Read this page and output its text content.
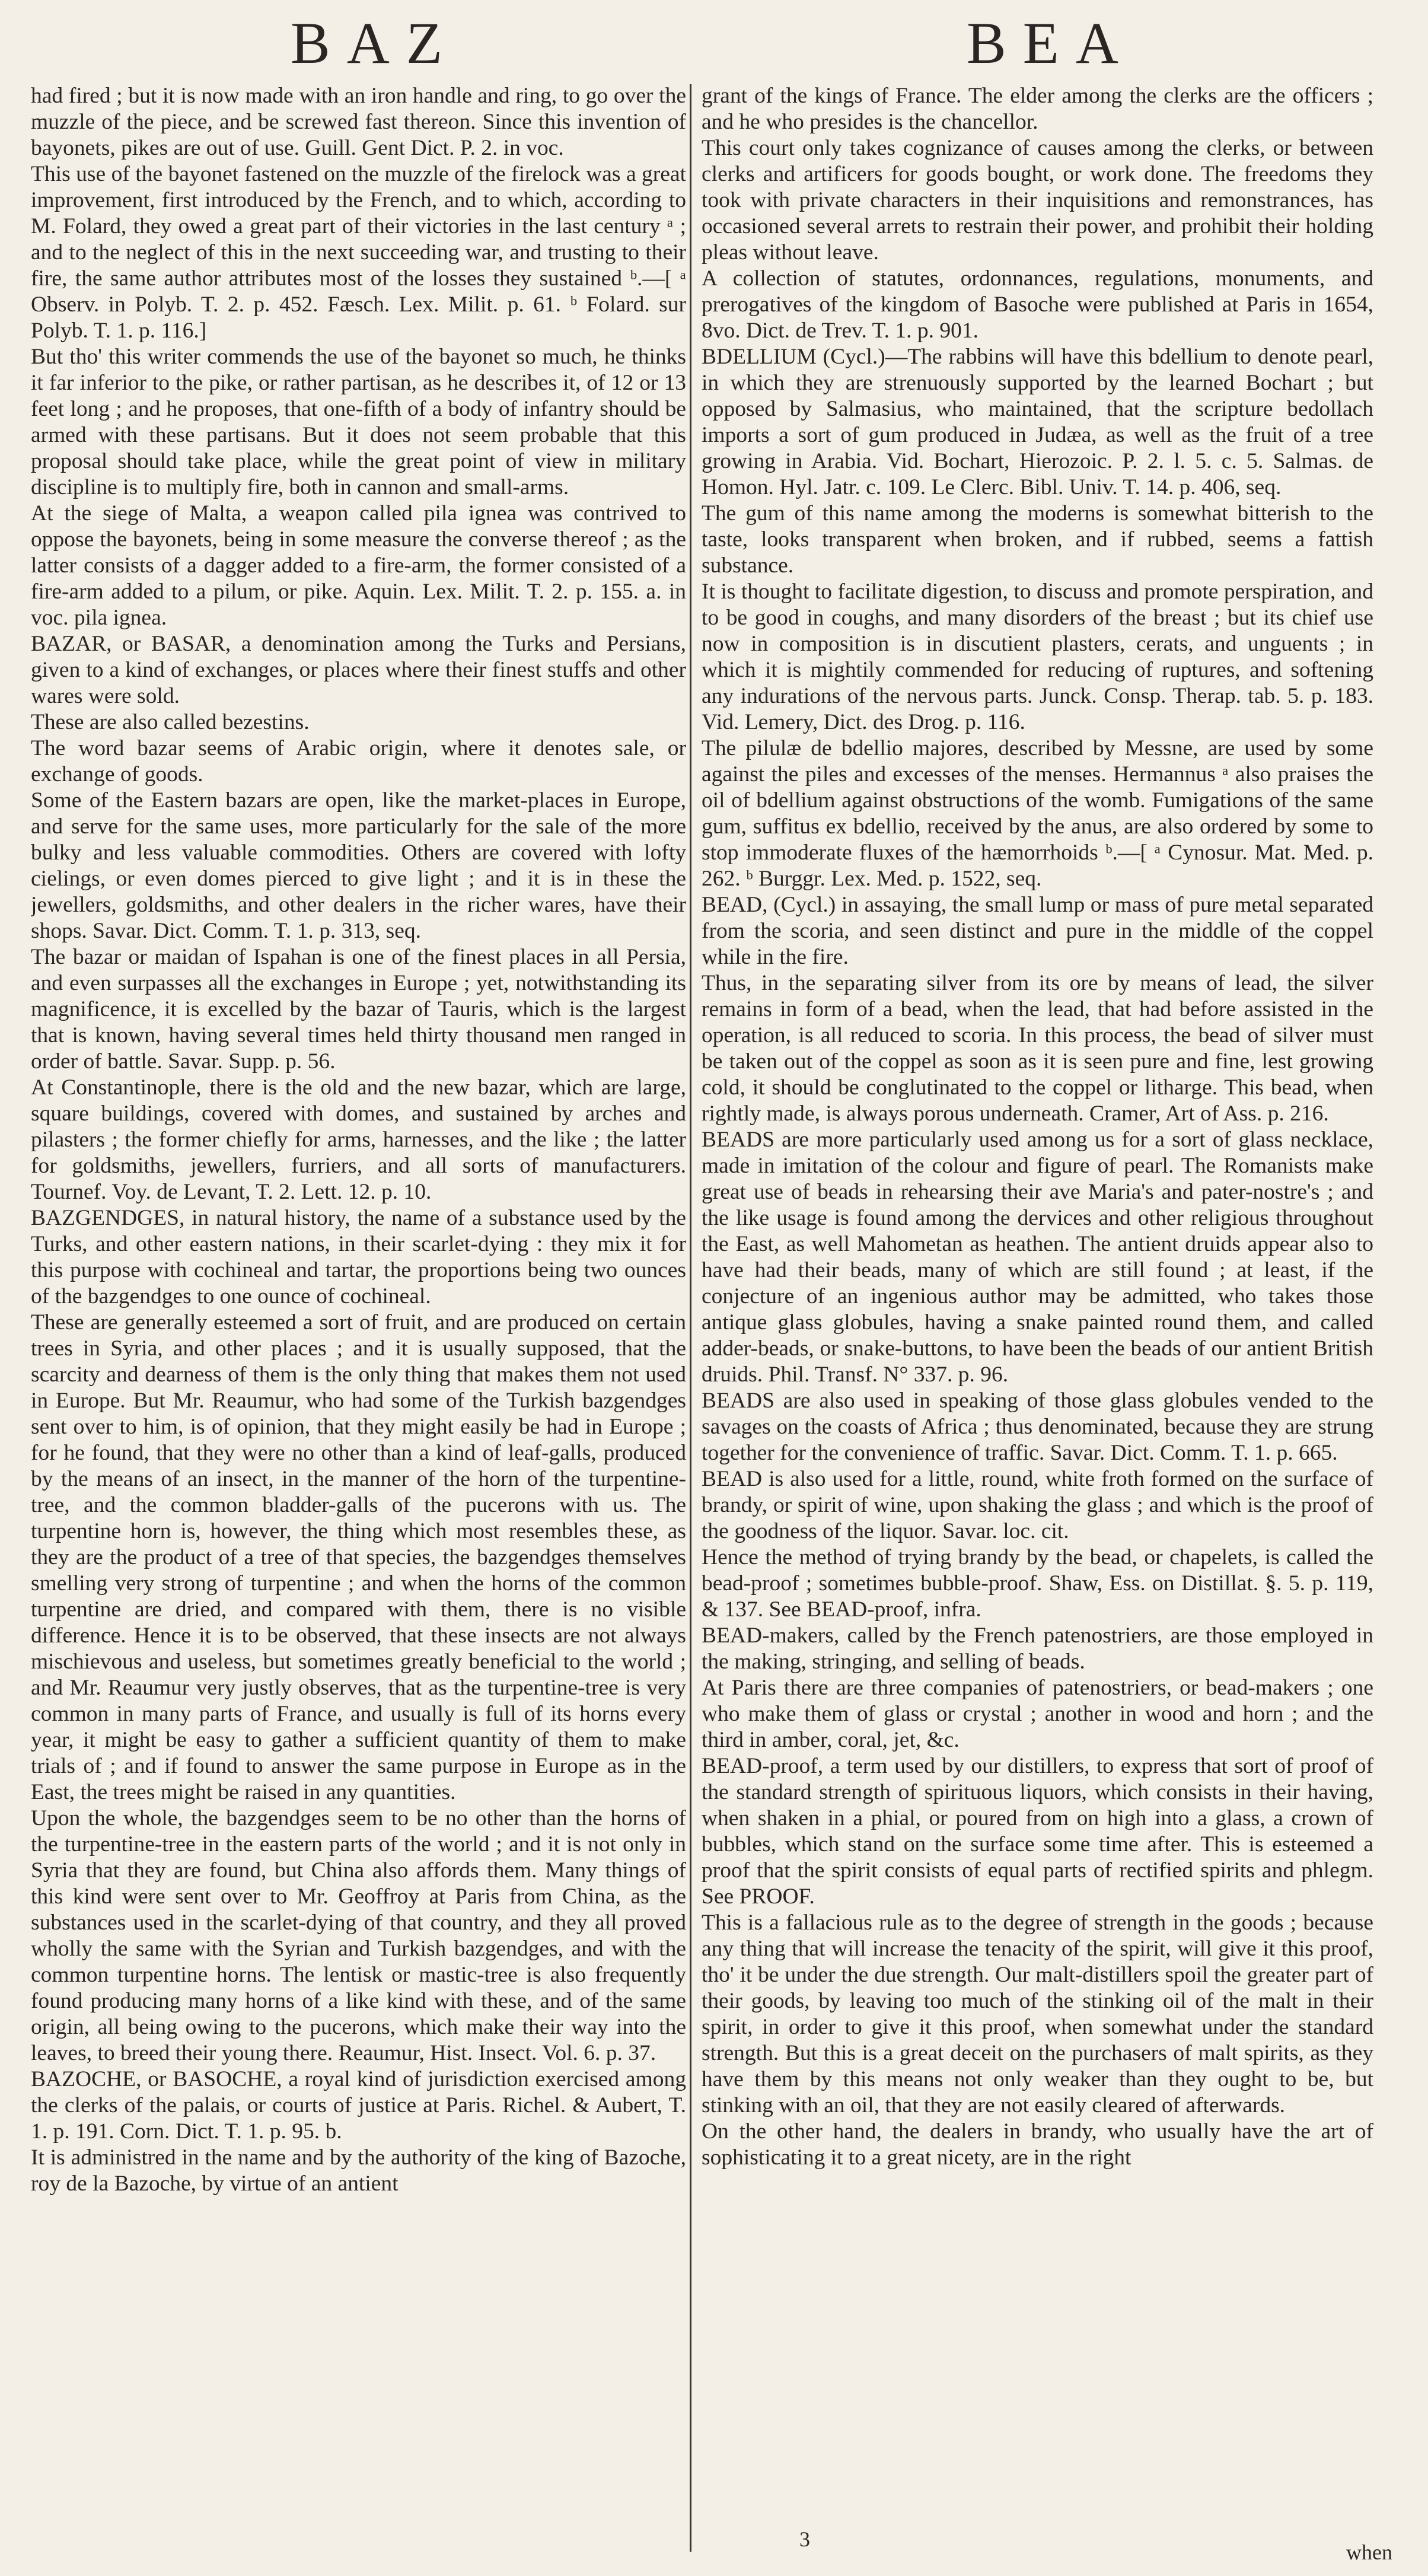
BAZ	BEA

had fired ; but it is now made with an iron handle and ring, to go over the muzzle of the piece, and be screwed fast thereon. Since this invention of bayonets, pikes are out of use. Guill. Gent Dict. P. 2. in voc.

This use of the bayonet fastened on the muzzle of the firelock was a great improvement, first introduced by the French, and to which, according to M. Folard, they owed a great part of their victories in the last century ᵃ ; and to the neglect of this in the next succeeding war, and trusting to their fire, the same author attributes most of the losses they sustained ᵇ.—[ ᵃ Observ. in Polyb. T. 2. p. 452. Fæsch. Lex. Milit. p. 61. ᵇ Folard. sur Polyb. T. 1. p. 116.]

But tho' this writer commends the use of the bayonet so much, he thinks it far inferior to the pike, or rather partisan, as he describes it, of 12 or 13 feet long ; and he proposes, that one-fifth of a body of infantry should be armed with these partisans. But it does not seem probable that this proposal should take place, while the great point of view in military discipline is to multiply fire, both in cannon and small-arms.

At the siege of Malta, a weapon called pila ignea was contrived to oppose the bayonets, being in some measure the converse thereof ; as the latter consists of a dagger added to a fire-arm, the former consisted of a fire-arm added to a pilum, or pike. Aquin. Lex. Milit. T. 2. p. 155. a. in voc. pila ignea.

BAZAR, or BASAR, a denomination among the Turks and Persians, given to a kind of exchanges, or places where their finest stuffs and other wares were sold.

These are also called bezestins.

The word bazar seems of Arabic origin, where it denotes sale, or exchange of goods.

Some of the Eastern bazars are open, like the market-places in Europe, and serve for the same uses, more particularly for the sale of the more bulky and less valuable commodities. Others are covered with lofty cielings, or even domes pierced to give light ; and it is in these the jewellers, goldsmiths, and other dealers in the richer wares, have their shops. Savar. Dict. Comm. T. 1. p. 313, seq.

The bazar or maidan of Ispahan is one of the finest places in all Persia, and even surpasses all the exchanges in Europe ; yet, notwithstanding its magnificence, it is excelled by the bazar of Tauris, which is the largest that is known, having several times held thirty thousand men ranged in order of battle. Savar. Supp. p. 56.

At Constantinople, there is the old and the new bazar, which are large, square buildings, covered with domes, and sustained by arches and pilasters ; the former chiefly for arms, harnesses, and the like ; the latter for goldsmiths, jewellers, furriers, and all sorts of manufacturers. Tournef. Voy. de Levant, T. 2. Lett. 12. p. 10.

BAZGENDGES, in natural history, the name of a substance used by the Turks, and other eastern nations, in their scarlet-dying : they mix it for this purpose with cochineal and tartar, the proportions being two ounces of the bazgendges to one ounce of cochineal.

These are generally esteemed a sort of fruit, and are produced on certain trees in Syria, and other places ; and it is usually supposed, that the scarcity and dearness of them is the only thing that makes them not used in Europe. But Mr. Reaumur, who had some of the Turkish bazgendges sent over to him, is of opinion, that they might easily be had in Europe ; for he found, that they were no other than a kind of leaf-galls, produced by the means of an insect, in the manner of the horn of the turpentine-tree, and the common bladder-galls of the pucerons with us. The turpentine horn is, however, the thing which most resembles these, as they are the product of a tree of that species, the bazgendges themselves smelling very strong of turpentine ; and when the horns of the common turpentine are dried, and compared with them, there is no visible difference. Hence it is to be observed, that these insects are not always mischievous and useless, but sometimes greatly beneficial to the world ; and Mr. Reaumur very justly observes, that as the turpentine-tree is very common in many parts of France, and usually is full of its horns every year, it might be easy to gather a sufficient quantity of them to make trials of ; and if found to answer the same purpose in Europe as in the East, the trees might be raised in any quantities.

Upon the whole, the bazgendges seem to be no other than the horns of the turpentine-tree in the eastern parts of the world ; and it is not only in Syria that they are found, but China also affords them. Many things of this kind were sent over to Mr. Geoffroy at Paris from China, as the substances used in the scarlet-dying of that country, and they all proved wholly the same with the Syrian and Turkish bazgendges, and with the common turpentine horns. The lentisk or mastic-tree is also frequently found producing many horns of a like kind with these, and of the same origin, all being owing to the pucerons, which make their way into the leaves, to breed their young there. Reaumur, Hist. Insect. Vol. 6. p. 37.

BAZOCHE, or BASOCHE, a royal kind of jurisdiction exercised among the clerks of the palais, or courts of justice at Paris. Richel. & Aubert, T. 1. p. 191. Corn. Dict. T. 1. p. 95. b.

It is administred in the name and by the authority of the king of Bazoche, roy de la Bazoche, by virtue of an antient

grant of the kings of France. The elder among the clerks are the officers ; and he who presides is the chancellor.

This court only takes cognizance of causes among the clerks, or between clerks and artificers for goods bought, or work done. The freedoms they took with private characters in their inquisitions and remonstrances, has occasioned several arrets to restrain their power, and prohibit their holding pleas without leave.

A collection of statutes, ordonnances, regulations, monuments, and prerogatives of the kingdom of Basoche were published at Paris in 1654, 8vo. Dict. de Trev. T. 1. p. 901.

BDELLIUM (Cycl.)—The rabbins will have this bdellium to denote pearl, in which they are strenuously supported by the learned Bochart ; but opposed by Salmasius, who maintained, that the scripture bedollach imports a sort of gum produced in Judæa, as well as the fruit of a tree growing in Arabia. Vid. Bochart, Hierozoic. P. 2. l. 5. c. 5. Salmas. de Homon. Hyl. Jatr. c. 109. Le Clerc. Bibl. Univ. T. 14. p. 406, seq.

The gum of this name among the moderns is somewhat bitterish to the taste, looks transparent when broken, and if rubbed, seems a fattish substance.

It is thought to facilitate digestion, to discuss and promote perspiration, and to be good in coughs, and many disorders of the breast ; but its chief use now in composition is in discutient plasters, cerats, and unguents ; in which it is mightily commended for reducing of ruptures, and softening any indurations of the nervous parts. Junck. Consp. Therap. tab. 5. p. 183. Vid. Lemery, Dict. des Drog. p. 116.

The pilulæ de bdellio majores, described by Messne, are used by some against the piles and excesses of the menses. Hermannus ᵃ also praises the oil of bdellium against obstructions of the womb. Fumigations of the same gum, suffitus ex bdellio, received by the anus, are also ordered by some to stop immoderate fluxes of the hæmorrhoids ᵇ.—[ ᵃ Cynosur. Mat. Med. p. 262. ᵇ Burggr. Lex. Med. p. 1522, seq.

BEAD, (Cycl.) in assaying, the small lump or mass of pure metal separated from the scoria, and seen distinct and pure in the middle of the coppel while in the fire.

Thus, in the separating silver from its ore by means of lead, the silver remains in form of a bead, when the lead, that had before assisted in the operation, is all reduced to scoria. In this process, the bead of silver must be taken out of the coppel as soon as it is seen pure and fine, lest growing cold, it should be conglutinated to the coppel or litharge. This bead, when rightly made, is always porous underneath. Cramer, Art of Ass. p. 216.

BEADS are more particularly used among us for a sort of glass necklace, made in imitation of the colour and figure of pearl. The Romanists make great use of beads in rehearsing their ave Maria's and pater-nostre's ; and the like usage is found among the dervices and other religious throughout the East, as well Mahometan as heathen. The antient druids appear also to have had their beads, many of which are still found ; at least, if the conjecture of an ingenious author may be admitted, who takes those antique glass globules, having a snake painted round them, and called adder-beads, or snake-buttons, to have been the beads of our antient British druids. Phil. Transf. N° 337. p. 96.

BEADS are also used in speaking of those glass globules vended to the savages on the coasts of Africa ; thus denominated, because they are strung together for the convenience of traffic. Savar. Dict. Comm. T. 1. p. 665.

BEAD is also used for a little, round, white froth formed on the surface of brandy, or spirit of wine, upon shaking the glass ; and which is the proof of the goodness of the liquor. Savar. loc. cit.

Hence the method of trying brandy by the bead, or chapelets, is called the bead-proof ; sometimes bubble-proof. Shaw, Ess. on Distillat. §. 5. p. 119, & 137. See BEAD-proof, infra.

BEAD-makers, called by the French patenostriers, are those employed in the making, stringing, and selling of beads.

At Paris there are three companies of patenostriers, or bead-makers ; one who make them of glass or crystal ; another in wood and horn ; and the third in amber, coral, jet, &c.

BEAD-proof, a term used by our distillers, to express that sort of proof of the standard strength of spirituous liquors, which consists in their having, when shaken in a phial, or poured from on high into a glass, a crown of bubbles, which stand on the surface some time after. This is esteemed a proof that the spirit consists of equal parts of rectified spirits and phlegm. See PROOF.

This is a fallacious rule as to the degree of strength in the goods ; because any thing that will increase the tenacity of the spirit, will give it this proof, tho' it be under the due strength. Our malt-distillers spoil the greater part of their goods, by leaving too much of the stinking oil of the malt in their spirit, in order to give it this proof, when somewhat under the standard strength. But this is a great deceit on the purchasers of malt spirits, as they have them by this means not only weaker than they ought to be, but stinking with an oil, that they are not easily cleared of afterwards.

On the other hand, the dealers in brandy, who usually have the art of sophisticating it to a great nicety, are in the right

3
when
